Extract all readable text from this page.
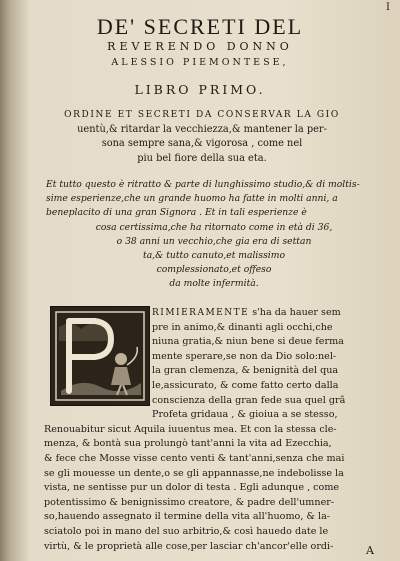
I
DE' SECRETI DEL
REVERENDO DONNO
ALESSIO PIEMONTESE,
LIBRO PRIMO.
ORDINE ET SECRETI DA CONSERVAR LA GIO
uentù,& ritardar la vecchiezza,& mantener la per-
sona sempre sana,& vigorosa , come nel
piu bel fiore della sua eta.
Et tutto questo è ritratto & parte di lunghissimo studio,& di moltis-
sime esperienze,che un grande huomo ha fatte in molti anni, a
beneplacito di una gran Signora . Et in tali esperienze è
cosa certissima,che ha ritornato come in età di 36,
o 38 anni un vecchio,che gia era di settan
ta,& tutto canuto,et malissimo
complessionato,et offeso
da molte infermità.
RIMIERAMENTE s'ha da hauer sem
pre in animo,& dinanti agli occhi,che
niuna gratia,& niun bene si deue ferma
mente sperare,se non da Dio solo:nel-
la gran clemenza, & benignità del qua
le,assicurato, & come fatto certo dalla
conscienza della gran fede sua quel grã
Profeta gridaua , & gioiua a se stesso,
Renouabitur sicut Aquila iuuentus mea. Et con la stessa cle-
menza, & bontà sua prolungò tant'anni la vita ad Ezecchia,
& fece che Mosse visse cento venti & tant'anni,senza che mai
se gli mouesse un dente,o se gli appannasse,ne indebolisse la
vista, ne sentisse pur un dolor di testa . Egli adunque , come
potentissimo & benignissimo creatore, & padre dell'umner-
so,hauendo assegnato il termine della vita all'huomo, & la-
sciatolo poi in mano del suo arbitrio,& così hauedo date le
virtù, & le proprietà alle cose,per lasciar ch'ancor'elle ordi-	A
